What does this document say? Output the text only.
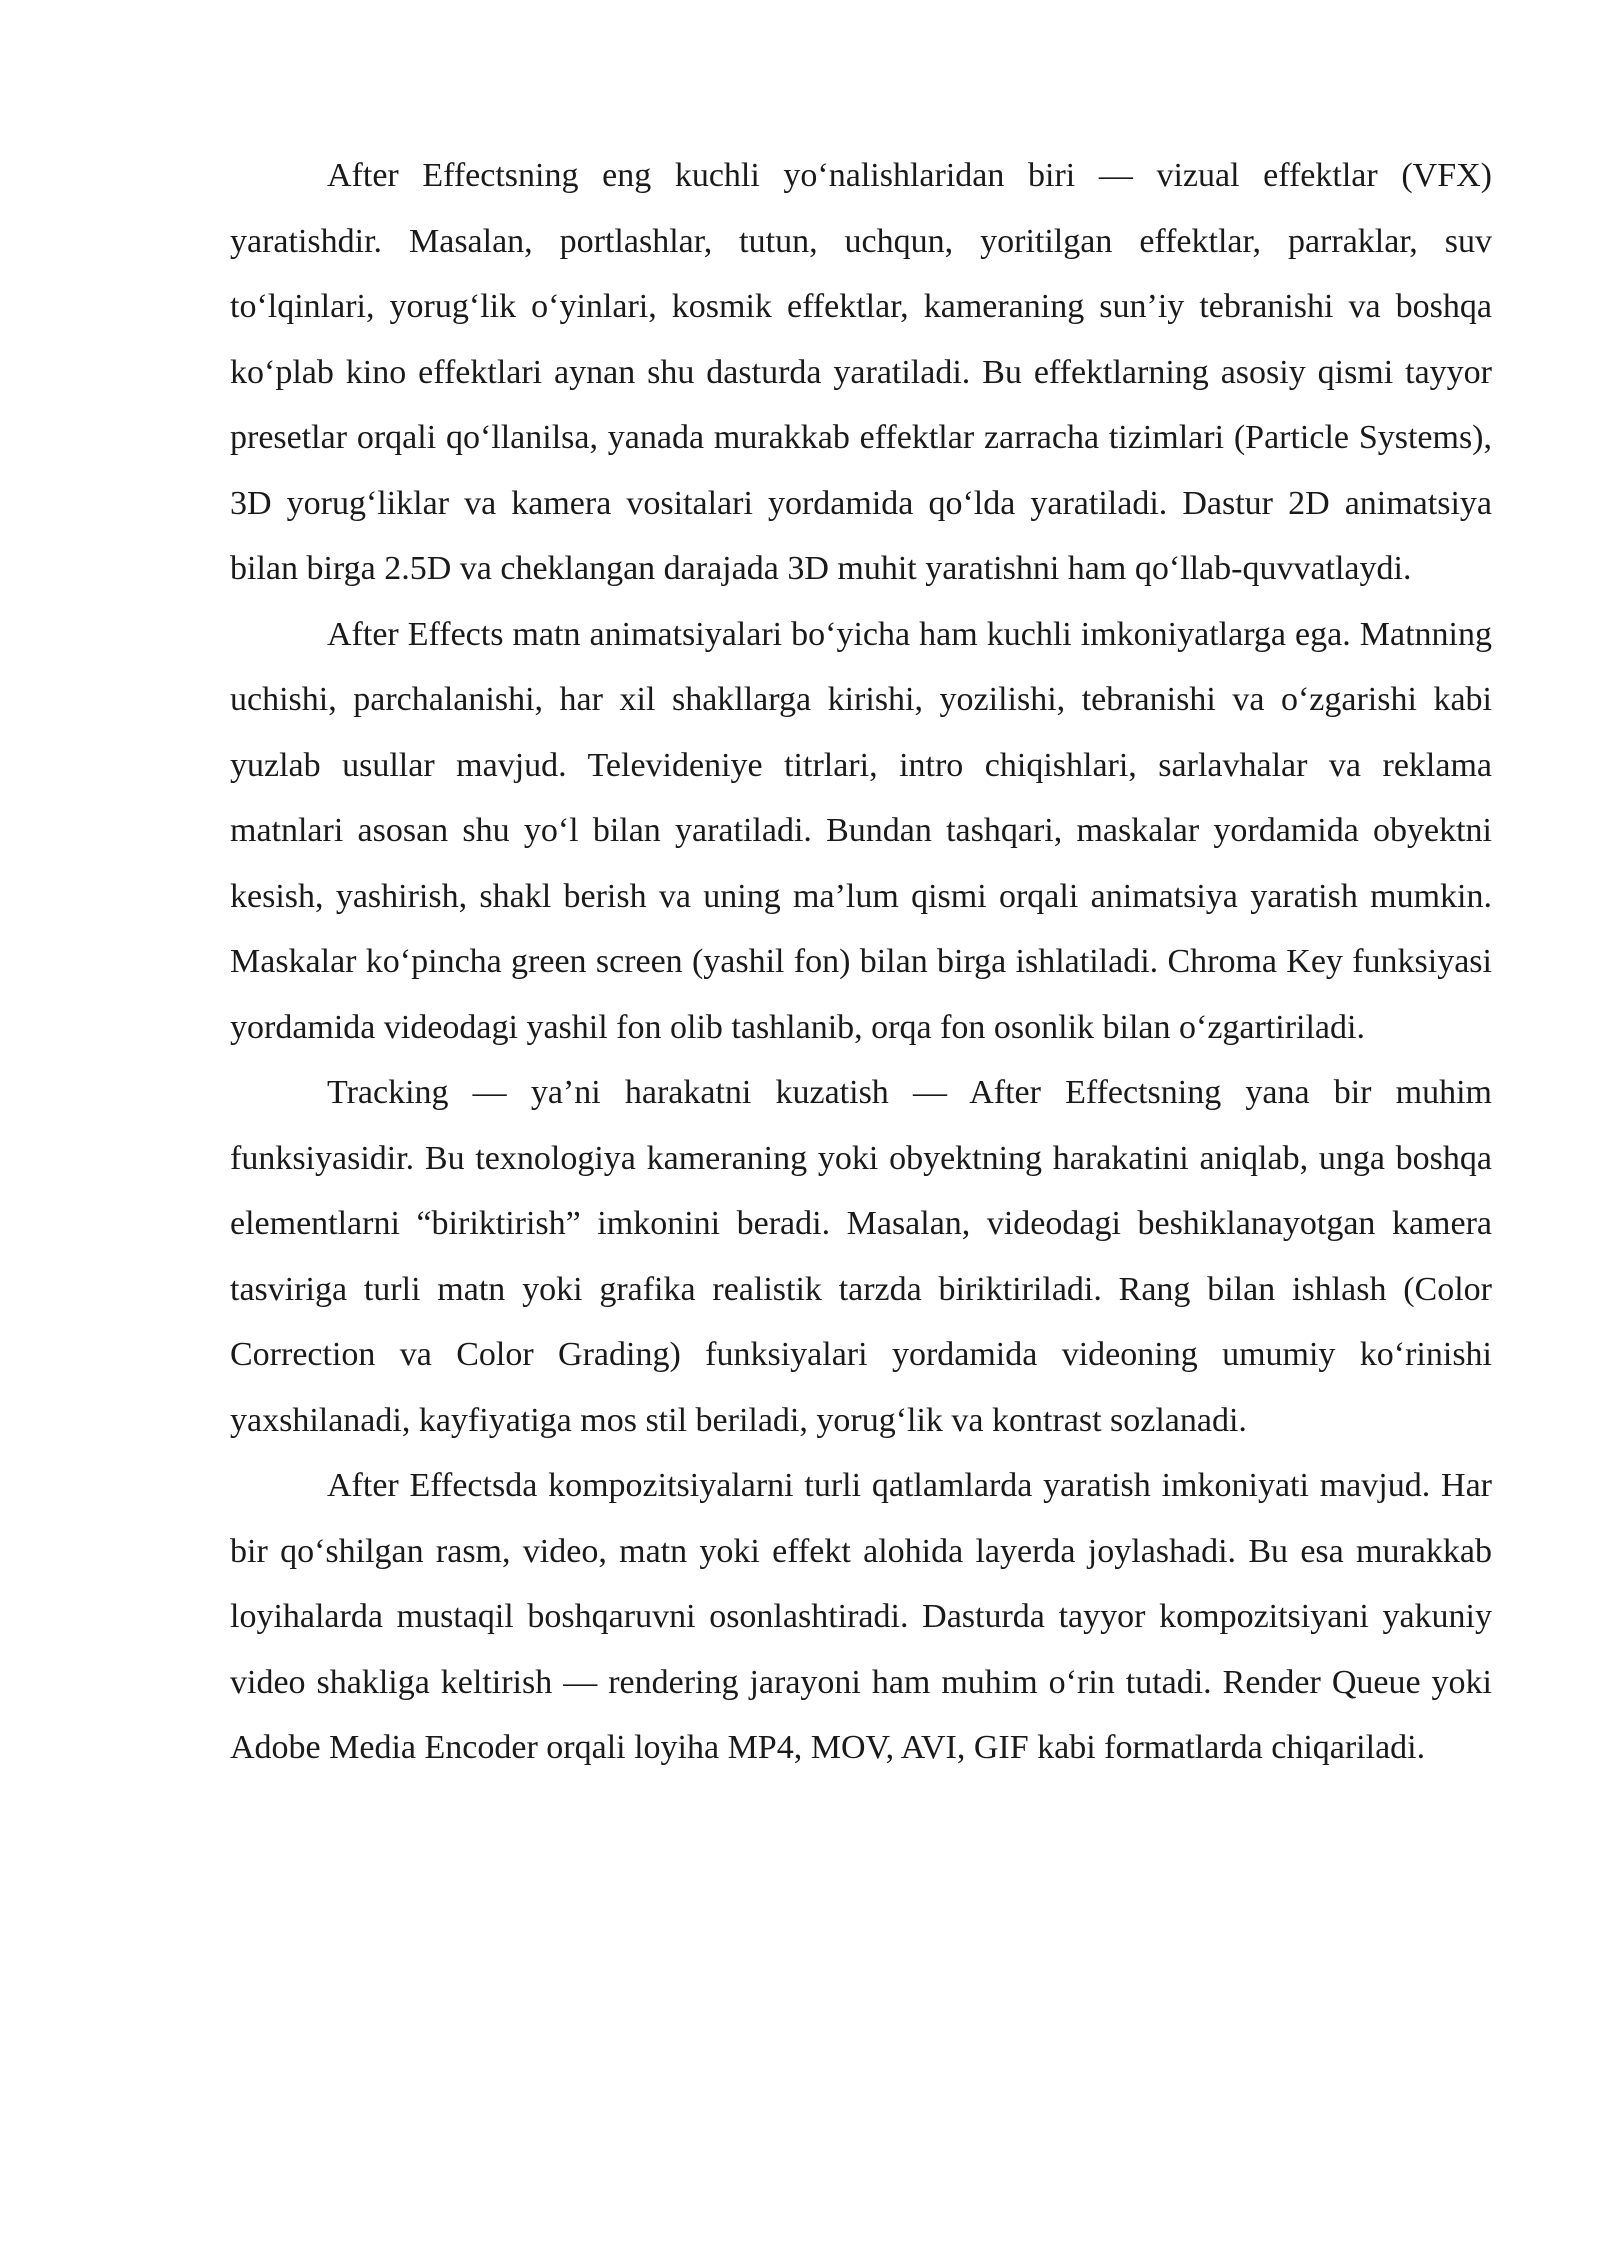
After Effectsning eng kuchli yo‘nalishlaridan biri — vizual effektlar (VFX) yaratishdir. Masalan, portlashlar, tutun, uchqun, yoritilgan effektlar, parraklar, suv to‘lqinlari, yorug‘lik o‘yinlari, kosmik effektlar, kameraning sun’iy tebranishi va boshqa ko‘plab kino effektlari aynan shu dasturda yaratiladi. Bu effektlarning asosiy qismi tayyor presetlar orqali qo‘llanilsa, yanada murakkab effektlar zarracha tizimlari (Particle Systems), 3D yorug‘liklar va kamera vositalari yordamida qo‘lda yaratiladi. Dastur 2D animatsiya bilan birga 2.5D va cheklangan darajada 3D muhit yaratishni ham qo‘llab-quvvatlaydi.

After Effects matn animatsiyalari bo‘yicha ham kuchli imkoniyatlarga ega. Matnning uchishi, parchalanishi, har xil shakllarga kirishi, yozilishi, tebranishi va o‘zgarishi kabi yuzlab usullar mavjud. Televideniye titrlari, intro chiqishlari, sarlavhalar va reklama matnlari asosan shu yo‘l bilan yaratiladi. Bundan tashqari, maskalar yordamida obyektni kesish, yashirish, shakl berish va uning ma’lum qismi orqali animatsiya yaratish mumkin. Maskalar ko‘pincha green screen (yashil fon) bilan birga ishlatiladi. Chroma Key funksiyasi yordamida videodagi yashil fon olib tashlanib, orqa fon osonlik bilan o‘zgartiriladi.

Tracking — ya’ni harakatni kuzatish — After Effectsning yana bir muhim funksiyasidir. Bu texnologiya kameraning yoki obyektning harakatini aniqlab, unga boshqa elementlarni “biriktirish” imkonini beradi. Masalan, videodagi beshiklanayotgan kamera tasviriga turli matn yoki grafika realistik tarzda biriktiriladi. Rang bilan ishlash (Color Correction va Color Grading) funksiyalari yordamida videoning umumiy ko‘rinishi yaxshilanadi, kayfiyatiga mos stil beriladi, yorug‘lik va kontrast sozlanadi.

After Effectsda kompozitsiyalarni turli qatlamlarda yaratish imkoniyati mavjud. Har bir qo‘shilgan rasm, video, matn yoki effekt alohida layerda joylashadi. Bu esa murakkab loyihalarda mustaqil boshqaruvni osonlashtiradi. Dasturda tayyor kompozitsiyani yakuniy video shakliga keltirish — rendering jarayoni ham muhim o‘rin tutadi. Render Queue yoki Adobe Media Encoder orqali loyiha MP4, MOV, AVI, GIF kabi formatlarda chiqariladi.
